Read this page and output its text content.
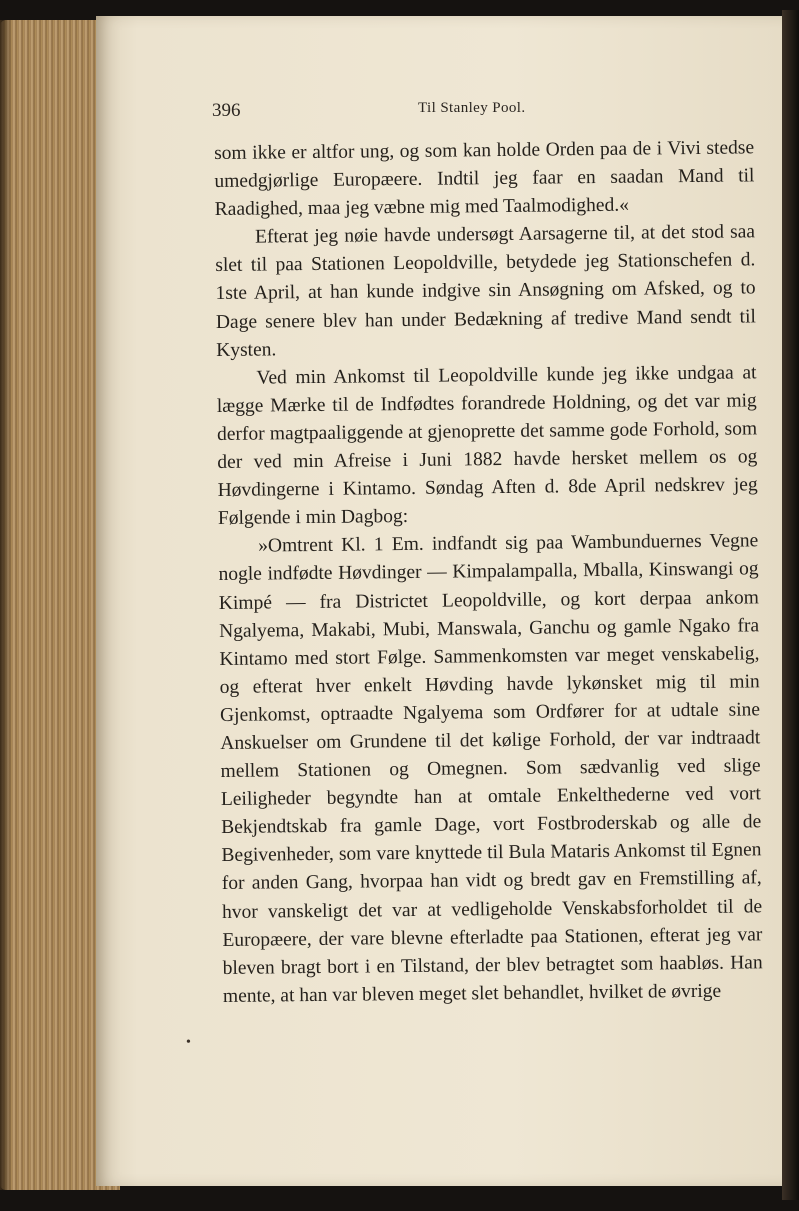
396	Til Stanley Pool.

som ikke er altfor ung, og som kan holde Orden paa de i Vivi stedse umedgjørlige Europæere. Indtil jeg faar en saadan Mand til Raadighed, maa jeg væbne mig med Taalmodighed.«

Efterat jeg nøie havde undersøgt Aarsagerne til, at det stod saa slet til paa Stationen Leopoldville, betydede jeg Stationschefen d. 1ste April, at han kunde indgive sin Ansøgning om Afsked, og to Dage senere blev han under Bedækning af tredive Mand sendt til Kysten.

Ved min Ankomst til Leopoldville kunde jeg ikke undgaa at lægge Mærke til de Indfødtes forandrede Holdning, og det var mig derfor magtpaaliggende at gjenoprette det samme gode Forhold, som der ved min Afreise i Juni 1882 havde hersket mellem os og Høvdingerne i Kintamo. Søndag Aften d. 8de April nedskrev jeg Følgende i min Dagbog:

»Omtrent Kl. 1 Em. indfandt sig paa Wambunduernes Vegne nogle indfødte Høvdinger — Kimpalampalla, Mballa, Kinswangi og Kimpé — fra Districtet Leopoldville, og kort derpaa ankom Ngalyema, Makabi, Mubi, Manswala, Ganchu og gamle Ngako fra Kintamo med stort Følge. Sammenkomsten var meget venskabelig, og efterat hver enkelt Høvding havde lykønsket mig til min Gjenkomst, optraadte Ngalyema som Ordfører for at udtale sine Anskuelser om Grundene til det kølige Forhold, der var indtraadt mellem Stationen og Omegnen. Som sædvanlig ved slige Leiligheder begyndte han at omtale Enkelthederne ved vort Bekjendtskab fra gamle Dage, vort Fostbroderskab og alle de Begivenheder, som vare knyttede til Bula Mataris Ankomst til Egnen for anden Gang, hvorpaa han vidt og bredt gav en Fremstilling af, hvor vanskeligt det var at vedligeholde Venskabsforholdet til de Europæere, der vare blevne efterladte paa Stationen, efterat jeg var bleven bragt bort i en Tilstand, der blev betragtet som haabløs. Han mente, at han var bleven meget slet behandlet, hvilket de øvrige

•
